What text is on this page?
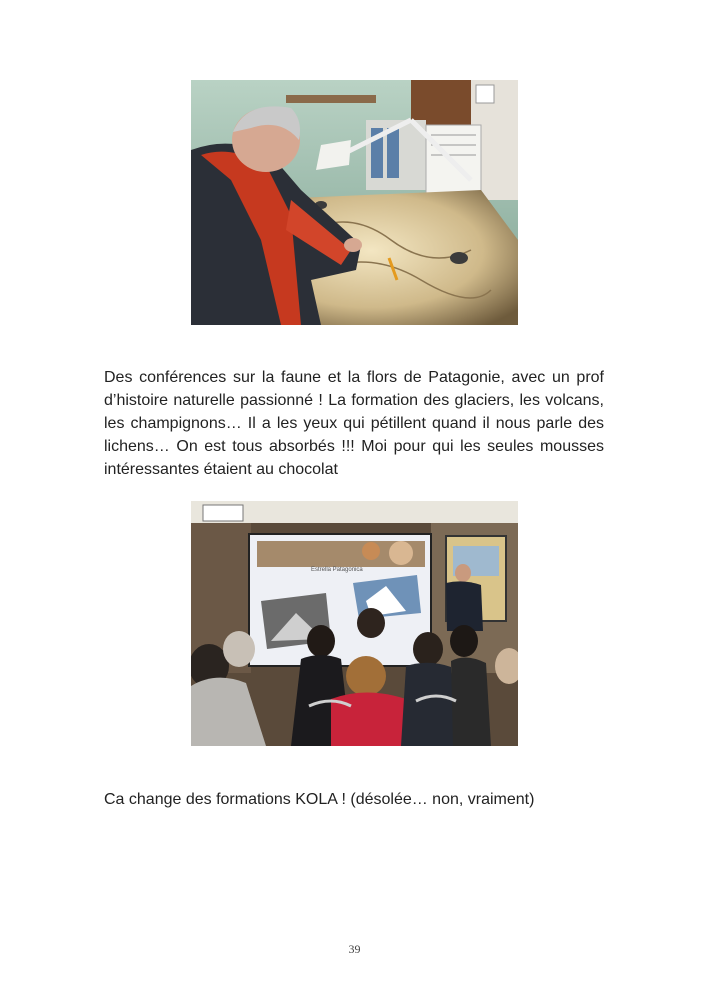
Des conférences sur la faune et la flors de Patagonie, avec un prof d’histoire naturelle passionné ! La formation des glaciers, les volcans, les champignons… Il a les yeux qui pétillent quand il nous parle des lichens… On est tous absorbés !!! Moi pour qui les seules mousses intéressantes étaient au chocolat

Estrella Patagonica

Ca change des formations KOLA ! (désolée… non, vraiment)

39
